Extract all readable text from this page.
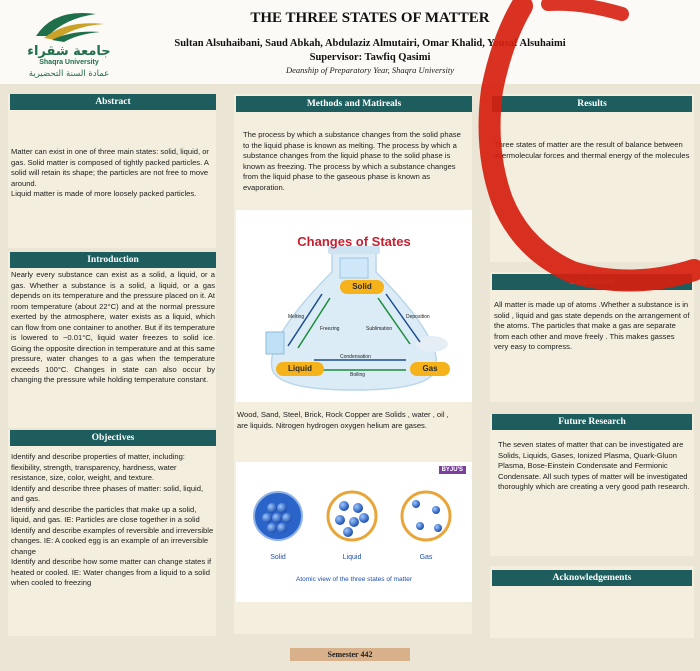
جامعة شقراء
Shaqra University
عمادة السنة التحضيرية
THE THREE STATES OF MATTER
Sultan Alsuhaibani, Saud Abkah, Abdulaziz Almutairi, Omar Khalid, Yousaf Alsuhaimi
Supervisor: Tawfiq Qasimi
Deanship of Preparatory Year, Shaqra University
Abstract
Matter can exist in one of three main states: solid, liquid, or gas. Solid matter is composed of tightly packed particles. A solid will retain its shape; the particles are not free to move around.
Liquid matter is made of more loosely packed particles.
Introduction
Nearly every substance can exist as a solid, a liquid, or a gas. Whether a substance is a solid, a liquid, or a gas depends on its temperature and the pressure placed on it. At room temperature (about 22°C) and at the normal pressure exerted by the atmosphere, water exists as a liquid, which can flow from one container to another. But if its temperature is lowered to −0.01°C, liquid water freezes to solid ice. Going the opposite direction in temperature and at this same pressure, water changes to a gas when the temperature exceeds 100°C. Changes in state can also occur by changing the pressure while holding temperature constant.
Objectives
Identify and describe properties of matter, including: flexibility, strength, transparency, hardness, water resistance, size, color, weight, and texture.
Identify and describe three phases of matter: solid, liquid, and gas.
Identify and describe the particles that make up a solid, liquid, and gas. IE: Particles are close together in a solid
Identify and describe examples of reversible and irreversible changes. IE: A cooked egg is an example of an irreversible change
Identify and describe how some matter can change states if heated or cooled. IE: Water changes from a liquid to a solid when cooled to freezing
Methods and Matireals
The process by which a substance changes from the solid phase to the liquid phase is known as melting. The process by which a substance changes from the liquid phase to the solid phase is known as freezing. The process by which a substance changes from the liquid phase to the gaseous phase is known as evaporation.
Changes of States
Solid
Liquid	Gas
Melting
Freezing	Sublimation
Deposition
Condensation
Boiling
Wood, Sand, Steel, Brick, Rock Copper are Solids , water , oil , are liquids. Nitrogen hydrogen oxygen helium are gases.
BYJU'S
Solid	Liquid	Gas
Atomic view of the three states of matter
Results
Three states of matter are the result of balance between intermolecular forces and thermal energy of the molecules
Conclusion
All matter is made up of atoms .Whether a substance is in solid , liquid and gas state depends on the arrangement of the atoms. The particles that make a gas are separate from each other and move freely . This makes gasses very easy to compress.
Future Research
The seven states of matter that can be investigated are Solids, Liquids, Gases, Ionized Plasma, Quark-Gluon Plasma, Bose-Einstein Condensate and Fermionic Condensate. All such types of matter will be investigated thoroughly which are creating a very good path research.
Acknowledgements
Semester 442
